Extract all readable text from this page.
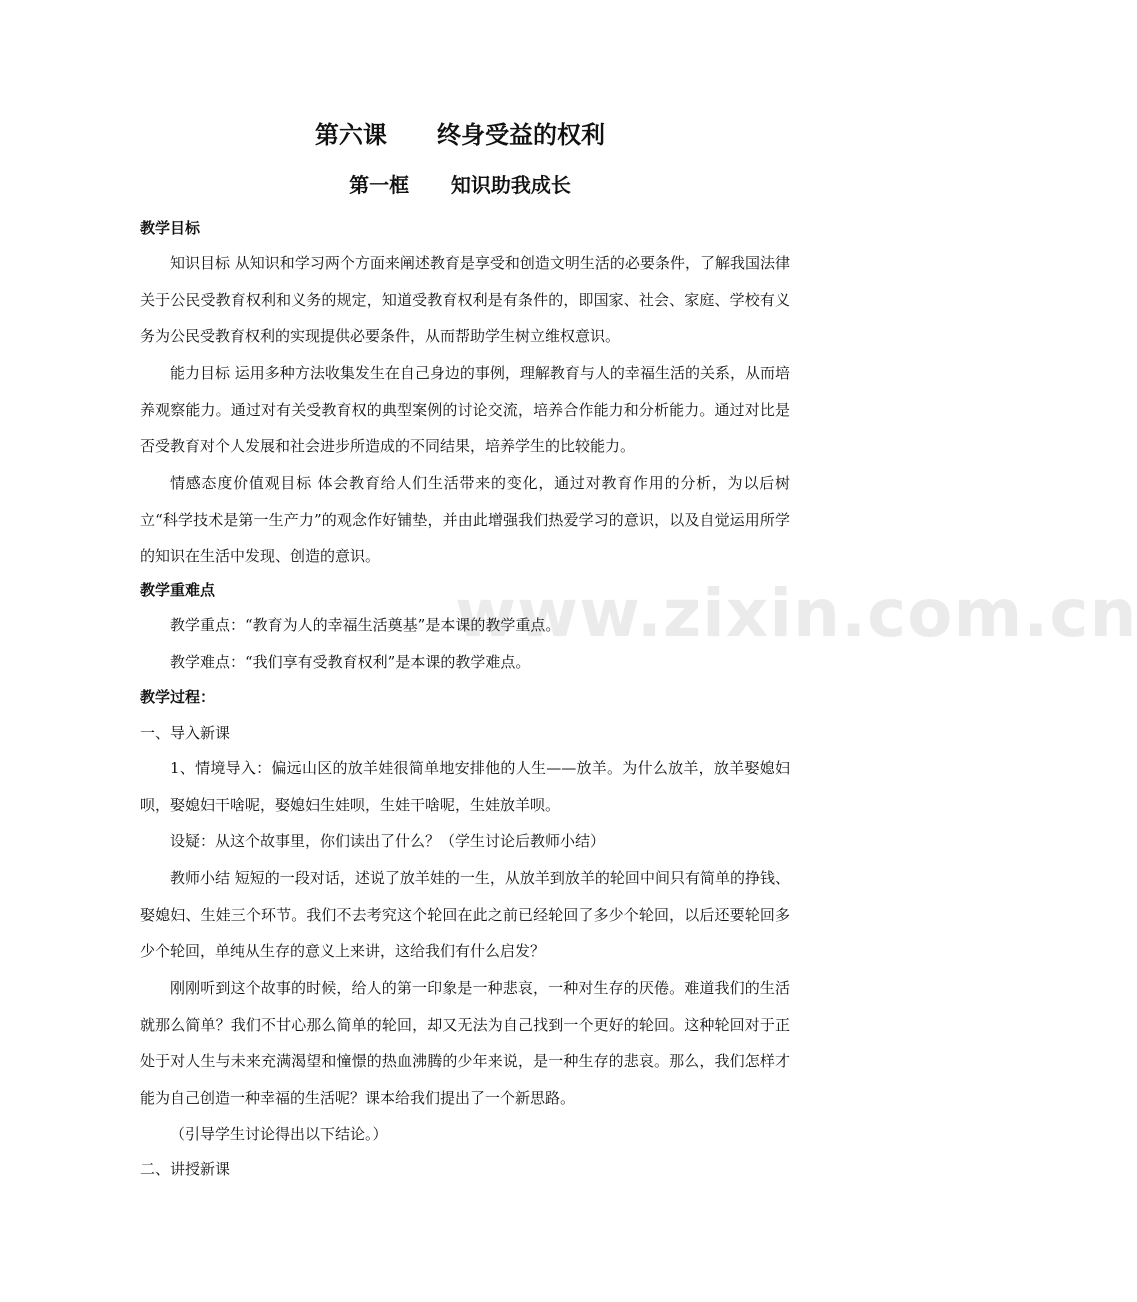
www.zixin.com.cn

第六课      终身受益的权利
第一框      知识助我成长

教学目标

知识目标 从知识和学习两个方面来阐述教育是享受和创造文明生活的必要条件，了解我国法律关于公民受教育权利和义务的规定，知道受教育权利是有条件的，即国家、社会、家庭、学校有义务为公民受教育权利的实现提供必要条件，从而帮助学生树立维权意识。

能力目标 运用多种方法收集发生在自己身边的事例，理解教育与人的幸福生活的关系，从而培养观察能力。通过对有关受教育权的典型案例的讨论交流，培养合作能力和分析能力。通过对比是否受教育对个人发展和社会进步所造成的不同结果，培养学生的比较能力。

情感态度价值观目标 体会教育给人们生活带来的变化，通过对教育作用的分析，为以后树立“科学技术是第一生产力”的观念作好铺垫，并由此增强我们热爱学习的意识，以及自觉运用所学的知识在生活中发现、创造的意识。

教学重难点

教学重点：“教育为人的幸福生活奠基”是本课的教学重点。

教学难点：“我们享有受教育权利”是本课的教学难点。

教学过程：

一、导入新课

1、情境导入：偏远山区的放羊娃很简单地安排他的人生——放羊。为什么放羊，放羊娶媳妇呗，娶媳妇干啥呢，娶媳妇生娃呗，生娃干啥呢，生娃放羊呗。

设疑：从这个故事里，你们读出了什么？（学生讨论后教师小结）

教师小结 短短的一段对话，述说了放羊娃的一生，从放羊到放羊的轮回中间只有简单的挣钱、娶媳妇、生娃三个环节。我们不去考究这个轮回在此之前已经轮回了多少个轮回，以后还要轮回多少个轮回，单纯从生存的意义上来讲，这给我们有什么启发？

刚刚听到这个故事的时候，给人的第一印象是一种悲哀，一种对生存的厌倦。难道我们的生活就那么简单？我们不甘心那么简单的轮回，却又无法为自己找到一个更好的轮回。这种轮回对于正处于对人生与未来充满渴望和憧憬的热血沸腾的少年来说，是一种生存的悲哀。那么，我们怎样才能为自己创造一种幸福的生活呢？课本给我们提出了一个新思路。

（引导学生讨论得出以下结论。）

二、讲授新课
